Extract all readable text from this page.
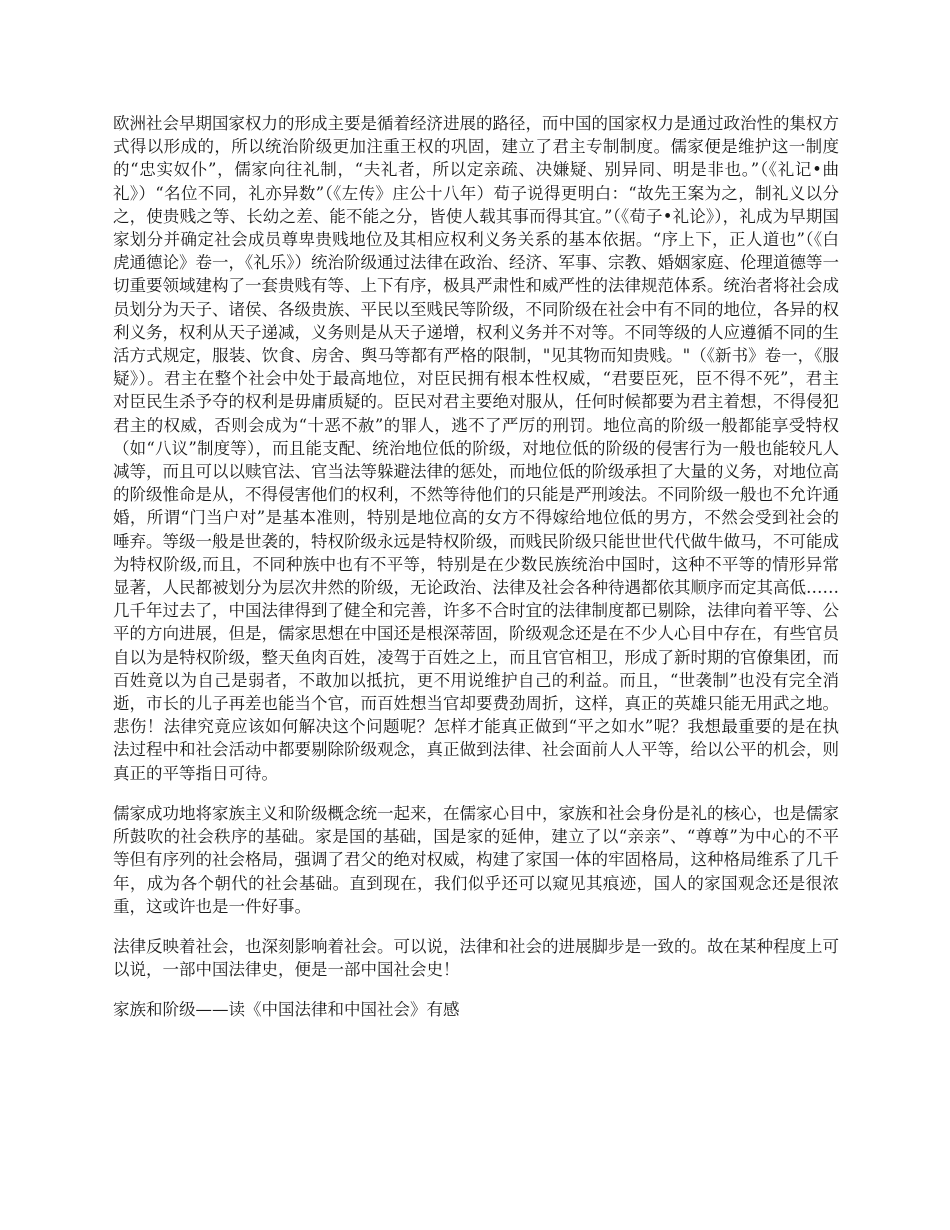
欧洲社会早期国家权力的形成主要是循着经济进展的路径，而中国的国家权力是通过政治性的集权方式得以形成的，所以统治阶级更加注重王权的巩固，建立了君主专制制度。儒家便是维护这一制度的“忠实奴仆”，儒家向往礼制，“夫礼者，所以定亲疏、决嫌疑、别异同、明是非也。”（《礼记•曲礼》）“名位不同，礼亦异数”（《左传》庄公十八年）荀子说得更明白：“故先王案为之，制礼义以分之，使贵贱之等、长幼之差、能不能之分，皆使人载其事而得其宜。”（《荀子•礼论》），礼成为早期国家划分并确定社会成员尊卑贵贱地位及其相应权利义务关系的基本依据。“序上下，正人道也”（《白虎通德论》卷一，《礼乐》）统治阶级通过法律在政治、经济、军事、宗教、婚姻家庭、伦理道德等一切重要领域建构了一套贵贱有等、上下有序，极具严肃性和威严性的法律规范体系。统治者将社会成员划分为天子、诸侯、各级贵族、平民以至贱民等阶级，不同阶级在社会中有不同的地位，各异的权利义务，权利从天子递减，义务则是从天子递增，权利义务并不对等。不同等级的人应遵循不同的生活方式规定，服装、饮食、房舍、舆马等都有严格的限制，"见其物而知贵贱。"（《新书》卷一，《服疑》）。君主在整个社会中处于最高地位，对臣民拥有根本性权威，“君要臣死，臣不得不死”，君主对臣民生杀予夺的权利是毋庸质疑的。臣民对君主要绝对服从，任何时候都要为君主着想，不得侵犯君主的权威，否则会成为“十恶不赦”的罪人，逃不了严厉的刑罚。地位高的阶级一般都能享受特权（如“八议”制度等），而且能支配、统治地位低的阶级，对地位低的阶级的侵害行为一般也能较凡人减等，而且可以以赎官法、官当法等躲避法律的惩处，而地位低的阶级承担了大量的义务，对地位高的阶级惟命是从，不得侵害他们的权利，不然等待他们的只能是严刑竣法。不同阶级一般也不允许通婚，所谓“门当户对”是基本准则，特别是地位高的女方不得嫁给地位低的男方，不然会受到社会的唾弃。等级一般是世袭的，特权阶级永远是特权阶级，而贱民阶级只能世世代代做牛做马，不可能成为特权阶级,而且，不同种族中也有不平等，特别是在少数民族统治中国时，这种不平等的情形异常显著，人民都被划分为层次井然的阶级，无论政治、法律及社会各种待遇都依其顺序而定其高低…… 几千年过去了，中国法律得到了健全和完善，许多不合时宜的法律制度都已剔除，法律向着平等、公平的方向进展，但是，儒家思想在中国还是根深蒂固，阶级观念还是在不少人心目中存在，有些官员自以为是特权阶级，整天鱼肉百姓，凌驾于百姓之上，而且官官相卫，形成了新时期的官僚集团，而百姓竟以为自己是弱者，不敢加以抵抗，更不用说维护自己的利益。而且，“世袭制”也没有完全消逝，市长的儿子再差也能当个官，而百姓想当官却要费劲周折，这样，真正的英雄只能无用武之地。悲伤！法律究竟应该如何解决这个问题呢？怎样才能真正做到“平之如水”呢？我想最重要的是在执法过程中和社会活动中都要剔除阶级观念，真正做到法律、社会面前人人平等，给以公平的机会，则真正的平等指日可待。

儒家成功地将家族主义和阶级概念统一起来，在儒家心目中，家族和社会身份是礼的核心，也是儒家所鼓吹的社会秩序的基础。家是国的基础，国是家的延伸，建立了以“亲亲”、“尊尊”为中心的不平等但有序列的社会格局，强调了君父的绝对权威，构建了家国一体的牢固格局，这种格局维系了几千年，成为各个朝代的社会基础。直到现在，我们似乎还可以窥见其痕迹，国人的家国观念还是很浓重，这或许也是一件好事。

法律反映着社会，也深刻影响着社会。可以说，法律和社会的进展脚步是一致的。故在某种程度上可以说，一部中国法律史，便是一部中国社会史！

家族和阶级——读《中国法律和中国社会》有感
